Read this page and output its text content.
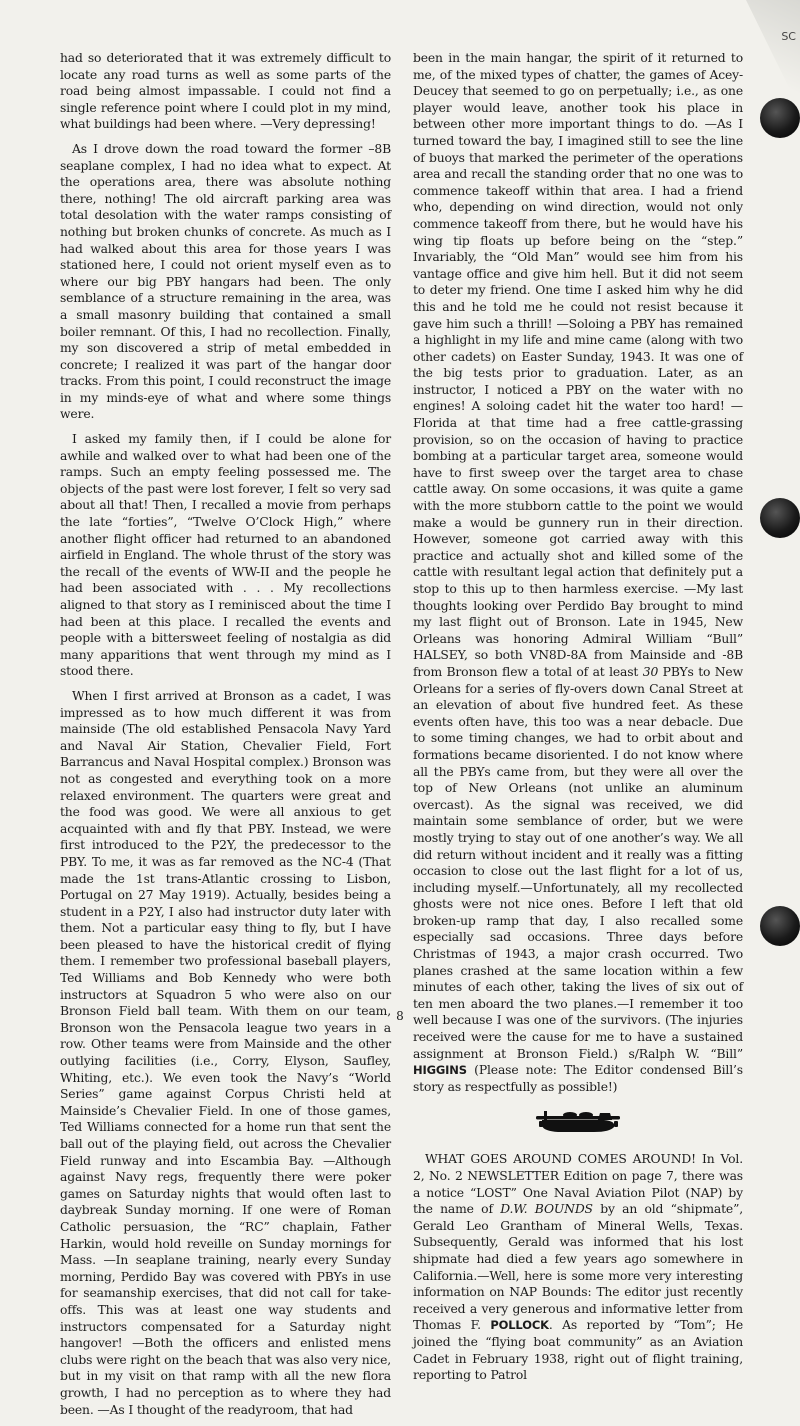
SC

had so deteriorated that it was extremely difficult to locate any road turns as well as some parts of the road being almost impassable. I could not find a single reference point where I could plot in my mind, what buildings had been where. —Very depressing!

As I drove down the road toward the former –8B seaplane complex, I had no idea what to expect. At the operations area, there was absolute nothing there, nothing! The old aircraft parking area was total desolation with the water ramps consisting of nothing but broken chunks of concrete. As much as I had walked about this area for those years I was stationed here, I could not orient myself even as to where our big PBY hangars had been. The only semblance of a structure remaining in the area, was a small masonry building that contained a small boiler remnant. Of this, I had no recollection. Finally, my son discovered a strip of metal embedded in concrete; I realized it was part of the hangar door tracks. From this point, I could reconstruct the image in my minds-eye of what and where some things were.

I asked my family then, if I could be alone for awhile and walked over to what had been one of the ramps. Such an empty feeling possessed me. The objects of the past were lost forever, I felt so very sad about all that! Then, I recalled a movie from perhaps the late “forties”, “Twelve O’Clock High,” where another flight officer had returned to an abandoned airfield in England. The whole thrust of the story was the recall of the events of WW-II and the people he had been associated with . . . My recollections aligned to that story as I reminisced about the time I had been at this place. I recalled the events and people with a bittersweet feeling of nostalgia as did many apparitions that went through my mind as I stood there.

When I first arrived at Bronson as a cadet, I was impressed as to how much different it was from mainside (The old established Pensacola Navy Yard and Naval Air Station, Chevalier Field, Fort Barrancus and Naval Hospital complex.) Bronson was not as congested and everything took on a more relaxed environment. The quarters were great and the food was good. We were all anxious to get acquainted with and fly that PBY. Instead, we were first introduced to the P2Y, the predecessor to the PBY. To me, it was as far removed as the NC-4 (That made the 1st trans-Atlantic crossing to Lisbon, Portugal on 27 May 1919). Actually, besides being a student in a P2Y, I also had instructor duty later with them. Not a particular easy thing to fly, but I have been pleased to have the historical credit of flying them. I remember two professional baseball players, Ted Williams and Bob Kennedy who were both instructors at Squadron 5 who were also on our Bronson Field ball team. With them on our team, Bronson won the Pensacola league two years in a row. Other teams were from Mainside and the other outlying facilities (i.e., Corry, Elyson, Saufley, Whiting, etc.). We even took the Navy’s “World Series” game against Corpus Christi held at Mainside’s Chevalier Field. In one of those games, Ted Williams connected for a home run that sent the ball out of the playing field, out across the Chevalier Field runway and into Escambia Bay. —Although against Navy regs, frequently there were poker games on Saturday nights that would often last to daybreak Sunday morning. If one were of Roman Catholic persuasion, the “RC” chaplain, Father Harkin, would hold reveille on Sunday mornings for Mass. —In seaplane training, nearly every Sunday morning, Perdido Bay was covered with PBYs in use for seamanship exercises, that did not call for take-offs. This was at least one way students and instructors compensated for a Saturday night hangover! —Both the officers and enlisted mens clubs were right on the beach that was also very nice, but in my visit on that ramp with all the new flora growth, I had no perception as to where they had been. —As I thought of the readyroom, that had

been in the main hangar, the spirit of it returned to me, of the mixed types of chatter, the games of Acey-Deucey that seemed to go on perpetually; i.e., as one player would leave, another took his place in between other more important things to do. —As I turned toward the bay, I imagined still to see the line of buoys that marked the perimeter of the operations area and recall the standing order that no one was to commence takeoff within that area. I had a friend who, depending on wind direction, would not only commence takeoff from there, but he would have his wing tip floats up before being on the “step.” Invariably, the “Old Man” would see him from his vantage office and give him hell. But it did not seem to deter my friend. One time I asked him why he did this and he told me he could not resist because it gave him such a thrill! —Soloing a PBY has remained a highlight in my life and mine came (along with two other cadets) on Easter Sunday, 1943. It was one of the big tests prior to graduation. Later, as an instructor, I noticed a PBY on the water with no engines! A soloing cadet hit the water too hard! —Florida at that time had a free cattle-grassing provision, so on the occasion of having to practice bombing at a particular target area, someone would have to first sweep over the target area to chase cattle away. On some occasions, it was quite a game with the more stubborn cattle to the point we would make a would be gunnery run in their direction. However, someone got carried away with this practice and actually shot and killed some of the cattle with resultant legal action that definitely put a stop to this up to then harmless exercise. —My last thoughts looking over Perdido Bay brought to mind my last flight out of Bronson. Late in 1945, New Orleans was honoring Admiral William “Bull” HALSEY, so both VN8D-8A from Mainside and -8B from Bronson flew a total of at least 30 PBYs to New Orleans for a series of fly-overs down Canal Street at an elevation of about five hundred feet. As these events often have, this too was a near debacle. Due to some timing changes, we had to orbit about and formations became disoriented. I do not know where all the PBYs came from, but they were all over the top of New Orleans (not unlike an aluminum overcast). As the signal was received, we did maintain some semblance of order, but we were mostly trying to stay out of one another’s way. We all did return without incident and it really was a fitting occasion to close out the last flight for a lot of us, including myself.—Unfortunately, all my recollected ghosts were not nice ones. Before I left that old broken-up ramp that day, I also recalled some especially sad occasions. Three days before Christmas of 1943, a major crash occurred. Two planes crashed at the same location within a few minutes of each other, taking the lives of six out of ten men aboard the two planes.—I remember it too well because I was one of the survivors. (The injuries received were the cause for me to have a sustained assignment at Bronson Field.) s/Ralph W. “Bill” HIGGINS (Please note: The Editor condensed Bill’s story as respectfully as possible!)

WHAT GOES AROUND COMES AROUND! In Vol. 2, No. 2 NEWSLETTER Edition on page 7, there was a notice “LOST” One Naval Aviation Pilot (NAP) by the name of D.W. BOUNDS by an old “shipmate”, Gerald Leo Grantham of Mineral Wells, Texas. Subsequently, Gerald was informed that his lost shipmate had died a few years ago somewhere in California.—Well, here is some more very interesting information on NAP Bounds: The editor just recently received a very generous and informative letter from Thomas F. POLLOCK. As reported by “Tom”; He joined the “flying boat community” as an Aviation Cadet in February 1938, right out of flight training, reporting to Patrol

8
